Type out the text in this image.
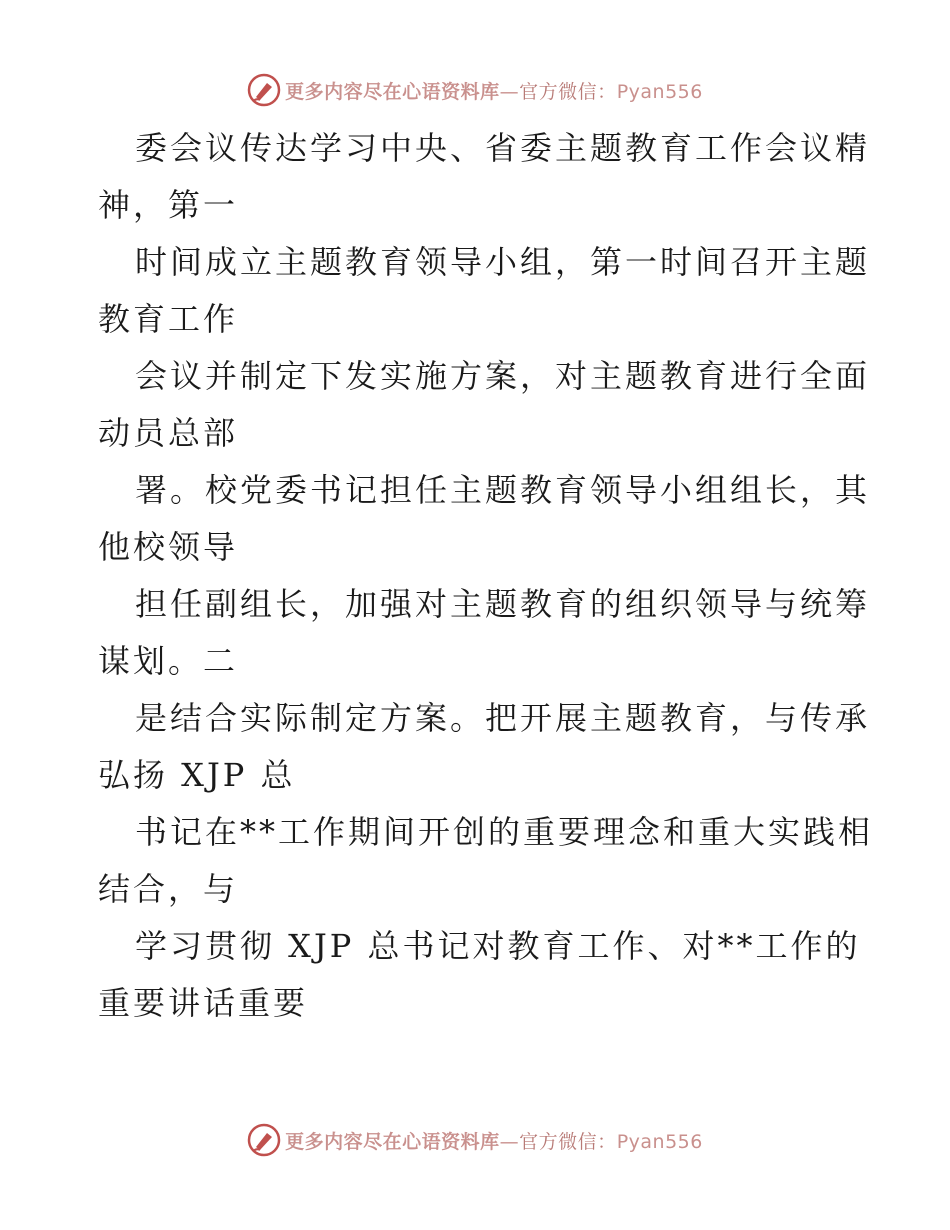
更多内容尽在心语资料库—官方微信：Pyan556
委会议传达学习中央、省委主题教育工作会议精
神，第一
时间成立主题教育领导小组，第一时间召开主题
教育工作
会议并制定下发实施方案，对主题教育进行全面
动员总部
署。校党委书记担任主题教育领导小组组长，其
他校领导
担任副组长，加强对主题教育的组织领导与统筹
谋划。二
是结合实际制定方案。把开展主题教育，与传承
弘扬 XJP 总
书记在**工作期间开创的重要理念和重大实践相
结合，与
学习贯彻 XJP 总书记对教育工作、对**工作的
重要讲话重要
更多内容尽在心语资料库—官方微信：Pyan556
